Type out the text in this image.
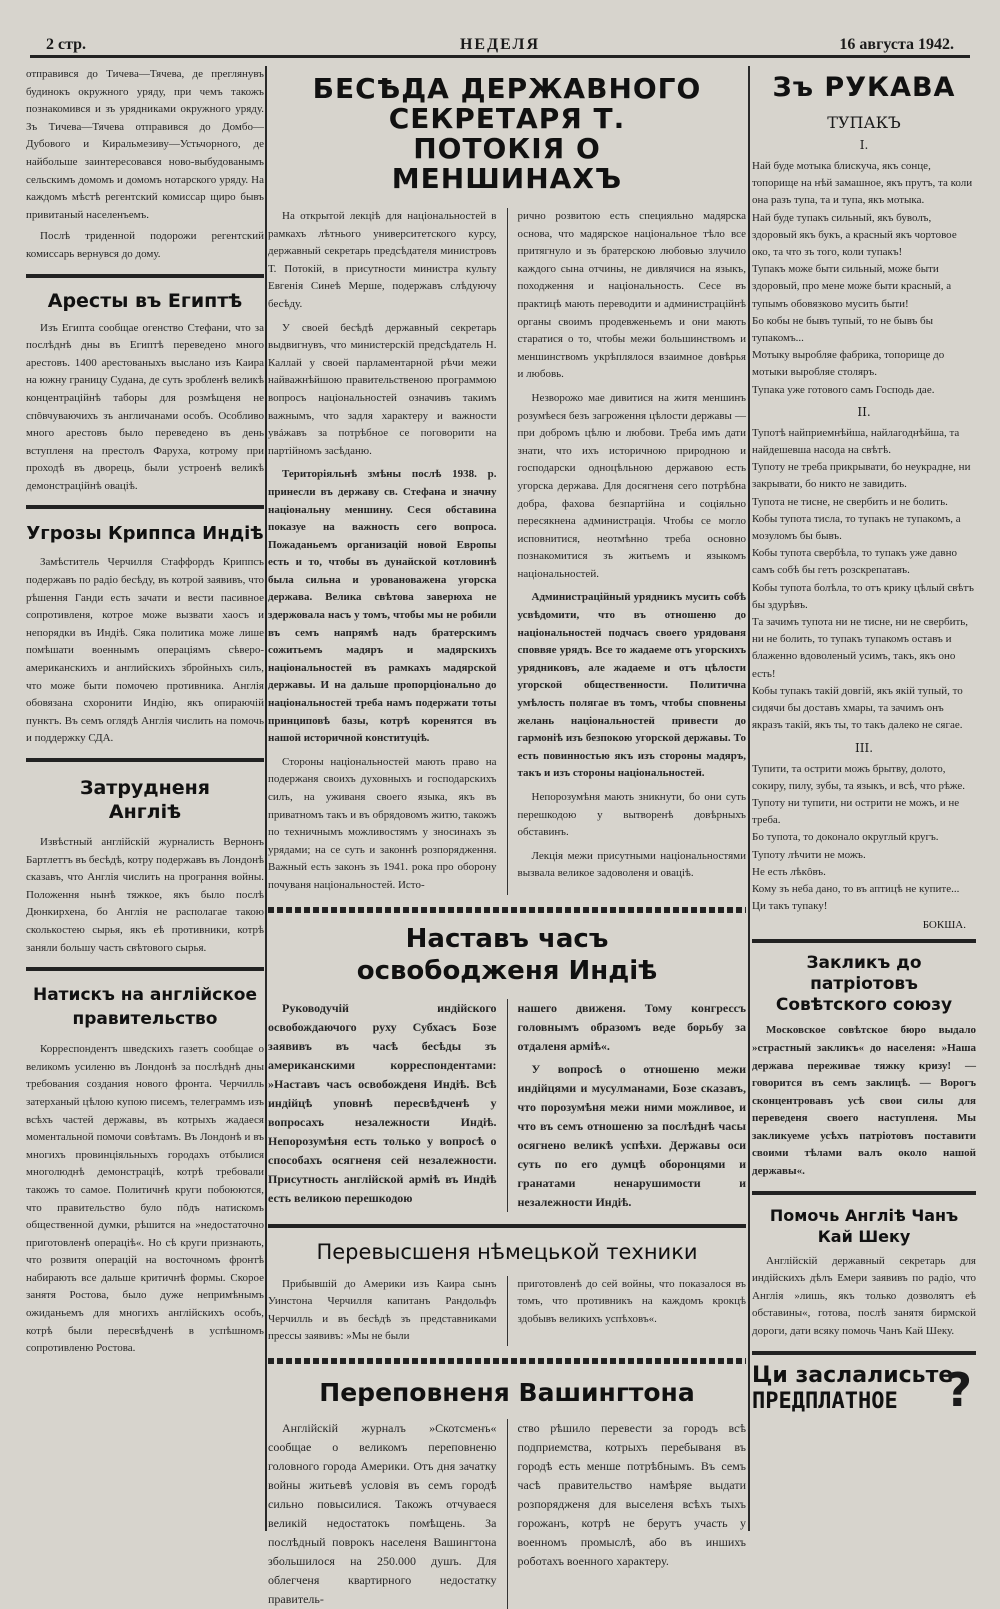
2 стр.	НЕДЕЛЯ	16 августа 1942.

отправився до Тичева—Тячева, де преглянувъ будинокъ окружного уряду, при чемъ такожъ познакомився и зъ урядниками окружного уряду. Зъ Тичева—Тячева отправився до Домбо—Дубового и Киральмезиву—Устьчорного, де найбольше заинтересовався ново-выбудованымъ сельскимъ домомъ и домомъ нотарского уряду. На каждомъ мѣстѣ регентский комиссар щиро бывъ привитаный населенъемъ.

Послѣ триденной подорожи регентский комиссарь вернувся до дому.

Аресты въ Египтѣ

Изъ Египта сообщае огенство Стефани, что за послѣднѣ дны въ Египтѣ переведено много арестовъ. 1400 арестованыхъ выслано изъ Каира на южну границу Судана, де суть зробленѣ великѣ концентраційнѣ таборы для розмѣщеня не спôвчуваючихъ зъ англичанами особъ. Особливо много арестовъ было переведено въ день вступленя на престолъ Фаруха, котрому при проходѣ въ дворець, были устроенѣ великѣ демонстраційнѣ оваціѣ.

Угрозы Криппса Индіѣ

Замѣститель Черчилля Стаффордъ Криппсъ подержавъ по радіо бесѣду, въ котрой заявивъ, что рѣшення Ганди есть зачати и вести пасивное сопротивленя, котрое може вызвати хаосъ и непорядки въ Индіѣ. Сяка политика може лише помѣшати военнымъ операціямъ сѣверо-американскихъ и английскихъ збройныхъ силъ, что може быти помочею противника. Англія обовязана схоронити Индію, якъ опираючій пунктъ. Въ семъ оглядѣ Англія числить на помочь и поддержку СДА.

Затрудненя Англіѣ

Извѣстный англійскій журналисть Вернонъ Бартлеттъ въ бесѣдѣ, котру подержавъ въ Лондонѣ сказавъ, что Англія числить на програння войны. Положення нынѣ тяжкое, якъ было послѣ Дюнкирхена, бо Англія не располагае такою сколькостею сырья, якъ еѣ противники, котрѣ заняли большу часть свѣтового сырья.

Натискъ на англійское правительство

Корреспондентъ шведскихъ газетъ сообщае о великомъ усиленю въ Лондонѣ за послѣднѣ дны требования создания нового фронта. Черчилль затерханый цѣлою купою писемъ, телеграммъ изъ всѣхъ частей державы, въ котрыхъ жадаеся моментальной помочи совѣтамъ. Въ Лондонѣ и въ многихъ провинціяльныхъ городахъ отбылися многолюднѣ демонстраціѣ, котрѣ требовали такожъ то самое. Политичнѣ круги побоюются, что правительство було пôдъ натискомъ общественной думки, рѣшится на »недостаточно приготовленѣ операціѣ«. Но сѣ круги признають, что розвитя операцій на восточномъ фронтѣ набирають все дальше критичнѣ формы. Скорое занятя Ростова, было дуже непримѣнымъ ожиданьемъ для многихъ англійскихъ особъ, котрѣ были пересвѣдченѣ в успѣшномъ сопротивленю Ростова.

БЕСѢДА ДЕРЖАВНОГО СЕКРЕТАРЯ Т. ПОТОКІЯ О МЕНШИНАХЪ

На открытой лекціѣ для національностей в рамкахъ лѣтнього университетского курсу, державный секретарь предсѣдателя министровъ Т. Потокій, в присутности министра культу Евгенія Синеѣ Мерше, подержавъ слѣдуючу бесѣду.

У своей бесѣдѣ державный секретарь выдвигнувъ, что министерскій предсѣдатель Н. Каллай у своей парламентарной рѣчи межи найважнѣйшою правительственою программою вопросъ національностей означивъ такимъ важнымъ, что задля характеру и важности увáжавъ за потрѣбное се поговорити на партійномъ засѣданю.

Територіяльнѣ змѣны послѣ 1938. р. принесли въ державу св. Стефана и значну національну меншину. Сеся обставина показуе на важность сего вопроса. Пожаданьемъ организацій новой Европы есть и то, чтобы въ дунайской котловинѣ была сильна и уровановажена угорска держава. Велика свѣтова заверюха не здержовала насъ у томъ, чтобы мы не робили въ семъ напрямѣ надъ братерскимъ сожитьемъ мадяръ и мадярскихъ національностей въ рамкахъ мадярской державы. И на дальше пропорціонально до національностей треба намъ подержати тоты принциповѣ базы, котрѣ коренятся въ нашой историчной конституціѣ.

Стороны національностей мають право на подержаня своихъ духовныхъ и господарскихъ силъ, на уживаня своего языка, якъ въ приватномъ такъ и въ обрядовомъ житю, такожъ по техничнымъ можливостямъ у зносинахъ зъ урядами; на се суть и законнѣ розпорядження. Важный есть законъ зъ 1941. рока про оборону почуваня національностей. Исто-

рично розвитою есть специяльно мадярска основа, что мадярское національное тѣло все притягнуло и зъ братерскою любовью злучило каждого сына отчины, не дивлячися на языкъ, походження и національность. Сесе въ практицѣ мають переводити и администраційнѣ органы своимъ продевженьемъ и они мають старатися о то, чтобы межи большинствомъ и меншинствомъ укрѣплялося взаимное довѣрья и любовь.

Незворожо мае дивитися на житя меншинъ розумѣеся безъ загроження цѣлости державы — при добромъ цѣлю и любови. Треба имъ дати знати, что ихъ историчною природною и господарски одноцѣльною державою есть угорска держава. Для досягненя сего потрѣбна добра, фахова безпартійна и соціяльно пересякнена администрація. Чтобы се могло исповнитися, неотмѣнно треба основно познакомитися зъ житьемъ и языкомъ національностей.

Администраційный урядникъ мусить собѣ усвѣдомити, что въ отношеню до національностей подчасъ своего урядованя споввяе урядъ. Все то жадаеме отъ угорскихъ урядниковъ, але жадаеме и отъ цѣлости угорской общественности. Политична умѣлость полягае въ томъ, чтобы сповнены желань національностей привести до гармоніѣ изъ безпокою угорской державы. То есть повинностью якъ изъ стороны мадяръ, такъ и изъ стороны національностей.

Непорозумѣня мають зникнути, бо они суть перешкодою у вытворенѣ довѣрныхъ обставинъ.

Лекція межи присутными національностями вызвала великое задоволеня и оваціѣ.

Наставъ часъ освободженя Индіѣ

Руководучій индійского освобождаючого руху Субхасъ Бозе заявивъ въ часѣ бесѣды зъ американскими корреспондентами: »Наставъ часъ освобожденя Индіѣ. Всѣ индійцѣ уповнѣ пересвѣдченѣ у вопросахъ незалежности Индіѣ. Непорозумѣня есть только у вопросѣ о способахъ осягненя сей незалежности. Присутность англійской арміѣ въ Индіѣ есть великою перешкодою

нашего движеня. Тому конгрессъ головнымъ образомъ веде борьбу за отдаленя арміѣ«.

У вопросѣ о отношеню межи индійцями и мусулманами, Бозе сказавъ, что порозумѣня межи ними можливое, и что въ семъ отношеню за послѣднѣ часы осягнено великѣ успѣхи. Державы оси суть по его думцѣ оборонцями и гранатами ненарушимости и незалежности Индіѣ.

Перевысшеня нѣмецькой техники

Прибывшій до Америки изъ Каира сынъ Уинстона Черчилля капитанъ Рандольфъ Черчилль и въ бесѣдѣ зъ представниками прессы заявивъ: »Мы не были

приготовленѣ до сей войны, что показалося въ томъ, что противникъ на каждомъ крокцѣ здобывъ великихъ успѣховъ«.

Переповненя Вашингтона

Англійскій журналъ »Скотсменъ« сообщае о великомъ переповненю головного города Америки. Отъ дня зачатку войны житьевѣ условія въ семъ городѣ сильно повысилися. Такожъ отчуваеся великій недостатокъ помѣщень. За послѣдный поврокъ населеня Вашингтона збольшилося на 250.000 душъ. Для облегченя квартирного недостатку правитель-

ство рѣшило перевести за городъ всѣ подприемства, котрыхъ перебываня въ городѣ есть менше потрѣбнымъ. Въ семъ часѣ правительство намѣряе выдати розпорядженя для выселеня всѣхъ тыхъ горожанъ, котрѣ не берутъ участь у военномъ промыслѣ, або въ иншихъ роботахъ военного характеру.

Зъ РУКАВА
ТУПАКЪ
I.

Най буде мотыка блискуча, якъ сонце, топорище на нѣй замашное, якъ прутъ, та коли она разъ тупа, та и тупа, якъ мотыка.

Най буде тупакъ сильный, якъ буволъ, здоровый якъ букъ, а красный якъ чортовое око, та что зъ того, коли тупакъ!

Тупакъ може быти сильный, може быти здоровый, про мене може быти красный, а тупымъ обовязково мусить быти!

Бо кобы не бывъ тупый, то не бывъ бы тупакомъ...

Мотыку выробляе фабрика, топорище до мотыки выробляе столяръ.

Тупака уже готового самъ Господь дае.

II.

Тупотѣ найприемнѣйша, найлагоднѣйша, та найдешевша насода на свѣтѣ.

Тупоту не треба прикрывати, бо неукрадне, ни закрывати, бо никто не завидить.

Тупота не тисне, не свербить и не болить.

Кобы тупота тисла, то тупакъ не тупакомъ, а мозуломъ бы бывъ.

Кобы тупота свербѣла, то тупакъ уже давно самъ собѣ бы гетъ розскрепатавъ.

Кобы тупота болѣла, то отъ крику цѣлый свѣтъ бы здурѣвъ.

Та зачимъ тупота ни не тисне, ни не свербить, ни не болить, то тупакъ тупакомъ оставъ и блаженно вдоволеный усимъ, такъ, якъ оно есть!

Кобы тупакъ такій довгій, якъ якій тупый, то сидячи бы доставъ хмары, та зачимъ онъ якразъ такій, якъ ты, то такъ далеко не сягае.

III.

Тупити, та острити можъ брытву, долото, сокиру, пилу, зубы, та языкъ, и всѣ, что рѣже.

Тупоту ни тупити, ни острити не можъ, и не треба.

Бо тупота, то доконало округлый кругъ.

Тупоту лѣчити не можъ.

Не есть лѣкôвъ.

Кому зъ неба дано, то въ аптицѣ не купите...

Ци такъ тупаку!

БОКША.
Закликъ до патріотовъ Совѣтского союзу

Московское совѣтское бюро выдало »страстный закликъ« до населеня: »Наша держава переживае тяжку кризу! — говорится въ семъ заклицѣ. — Ворогъ сконцентровавъ усѣ свои силы для переведеня своего наступленя. Мы закликуеме усѣхъ патріотовъ поставити своими тѣлами валъ около нашой державы«.

Помочь Англіѣ Чанъ Кай Шеку

Англійскій державный секретарь для индійскихъ дѣлъ Емери заявивъ по радіо, что Англія »лишь, якъ только дозволятъ еѣ обставины«, готова, послѣ занятя бирмской дороги, дати всяку помочь Чанъ Кай Шеку.

Ци заслалисьте
ПРЕДПЛАТНОЕ	?
